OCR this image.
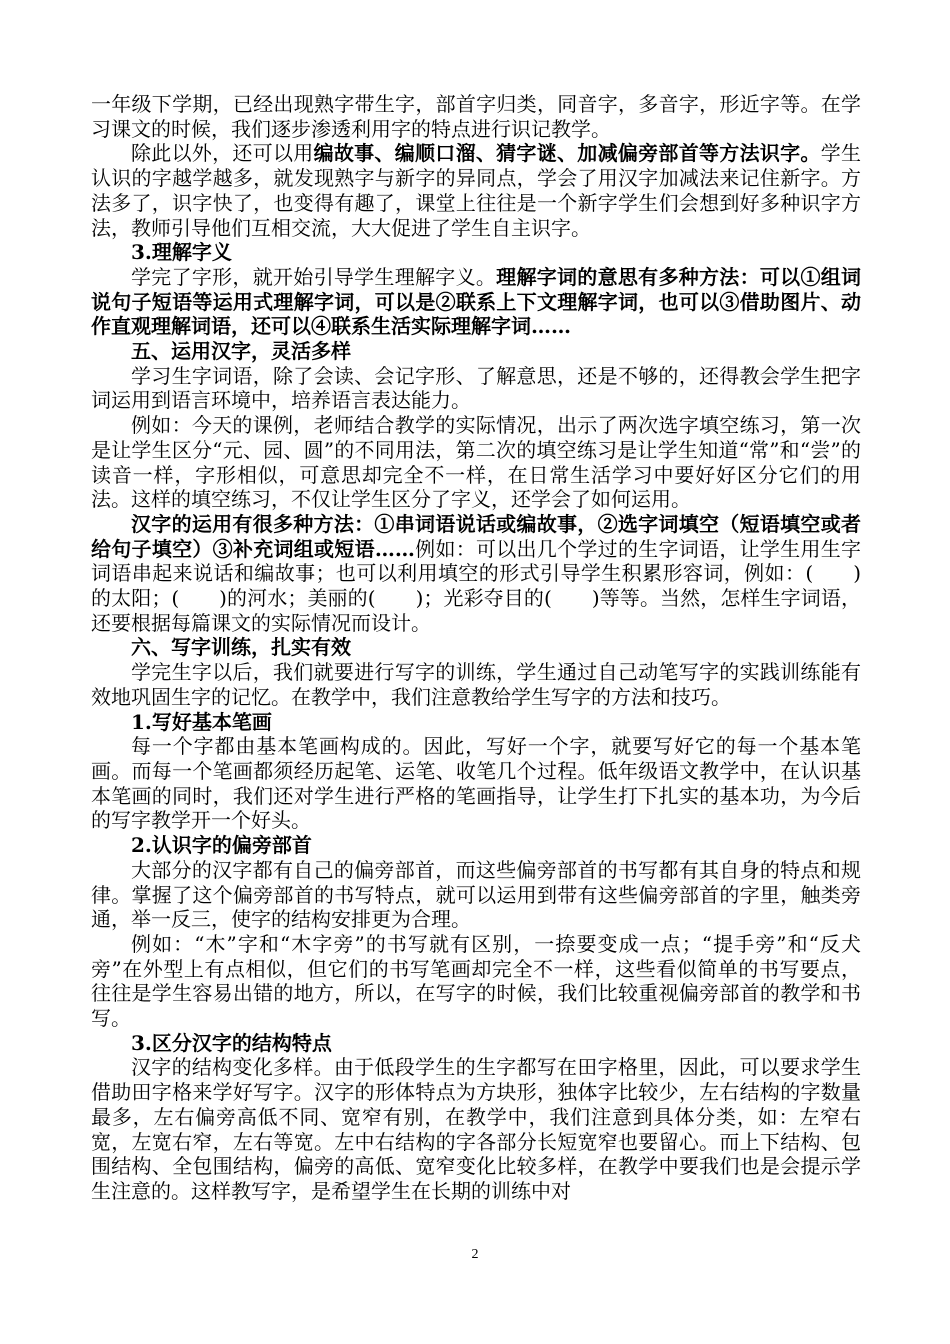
一年级下学期，已经出现熟字带生字，部首字归类，同音字，多音字，形近字等。在学习课文的时候，我们逐步渗透利用字的特点进行识记教学。

除此以外，还可以用编故事、编顺口溜、猜字谜、加减偏旁部首等方法识字。学生认识的字越学越多，就发现熟字与新字的异同点，学会了用汉字加减法来记住新字。方法多了，识字快了，也变得有趣了，课堂上往往是一个新字学生们会想到好多种识字方法，教师引导他们互相交流，大大促进了学生自主识字。

3.理解字义

学完了字形，就开始引导学生理解字义。理解字词的意思有多种方法：可以①组词说句子短语等运用式理解字词，可以是②联系上下文理解字词，也可以③借助图片、动作直观理解词语，还可以④联系生活实际理解字词……

五、运用汉字，灵活多样

学习生字词语，除了会读、会记字形、了解意思，还是不够的，还得教会学生把字词运用到语言环境中，培养语言表达能力。

例如：今天的课例，老师结合教学的实际情况，出示了两次选字填空练习，第一次是让学生区分“元、园、圆”的不同用法，第二次的填空练习是让学生知道“常”和“尝”的读音一样，字形相似，可意思却完全不一样，在日常生活学习中要好好区分它们的用法。这样的填空练习，不仅让学生区分了字义，还学会了如何运用。

汉字的运用有很多种方法：①串词语说话或编故事，②选字词填空（短语填空或者给句子填空）③补充词组或短语……例如：可以出几个学过的生字词语，让学生用生字词语串起来说话和编故事；也可以利用填空的形式引导学生积累形容词，例如：( )的太阳；( )的河水；美丽的( )；光彩夺目的( )等等。当然，怎样生字词语，还要根据每篇课文的实际情况而设计。

六、写字训练，扎实有效

学完生字以后，我们就要进行写字的训练，学生通过自己动笔写字的实践训练能有效地巩固生字的记忆。在教学中，我们注意教给学生写字的方法和技巧。

1.写好基本笔画

每一个字都由基本笔画构成的。因此，写好一个字，就要写好它的每一个基本笔画。而每一个笔画都须经历起笔、运笔、收笔几个过程。低年级语文教学中，在认识基本笔画的同时，我们还对学生进行严格的笔画指导，让学生打下扎实的基本功，为今后的写字教学开一个好头。

2.认识字的偏旁部首

大部分的汉字都有自己的偏旁部首，而这些偏旁部首的书写都有其自身的特点和规律。掌握了这个偏旁部首的书写特点，就可以运用到带有这些偏旁部首的字里，触类旁通，举一反三，使字的结构安排更为合理。

例如：“木”字和“木字旁”的书写就有区别，一捺要变成一点；“提手旁”和“反犬旁”在外型上有点相似，但它们的书写笔画却完全不一样，这些看似简单的书写要点，往往是学生容易出错的地方，所以，在写字的时候，我们比较重视偏旁部首的教学和书写。

3.区分汉字的结构特点

汉字的结构变化多样。由于低段学生的生字都写在田字格里，因此，可以要求学生借助田字格来学好写字。汉字的形体特点为方块形，独体字比较少，左右结构的字数量最多，左右偏旁高低不同、宽窄有别，在教学中，我们注意到具体分类，如：左窄右宽，左宽右窄，左右等宽。左中右结构的字各部分长短宽窄也要留心。而上下结构、包围结构、全包围结构，偏旁的高低、宽窄变化比较多样，在教学中要我们也是会提示学生注意的。这样教写字，是希望学生在长期的训练中对

2
